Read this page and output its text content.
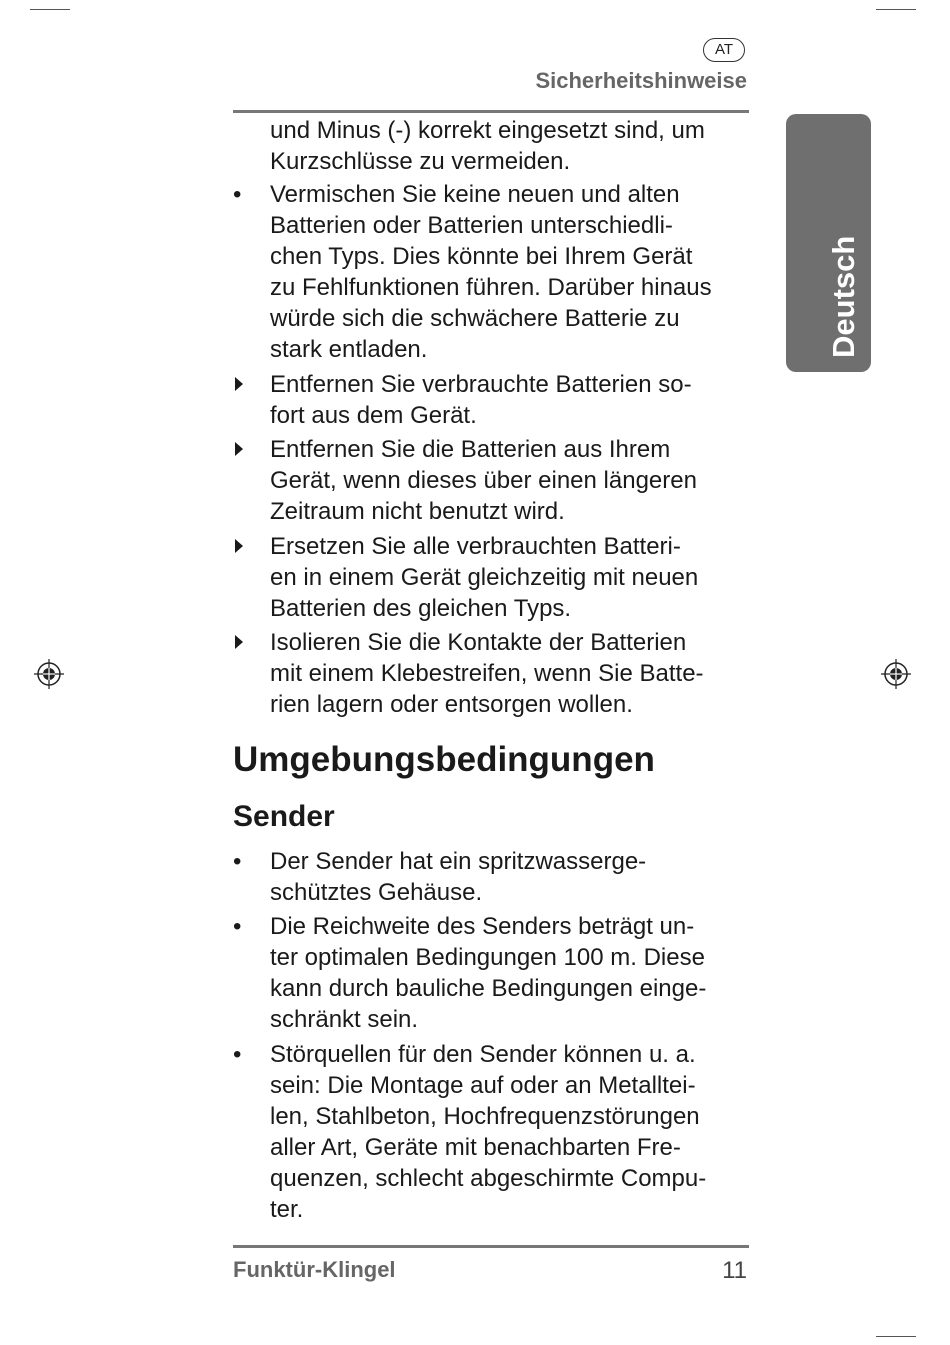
AT
Sicherheitshinweise
Deutsch
und Minus (-) korrekt eingesetzt sind, um
Kurzschlüsse zu vermeiden.
• Vermischen Sie keine neuen und alten
Batterien oder Batterien unterschiedli-
chen Typs. Dies könnte bei Ihrem Gerät
zu Fehlfunktionen führen. Darüber hinaus
würde sich die schwächere Batterie zu
stark entladen.
Entfernen Sie verbrauchte Batterien so-
fort aus dem Gerät.
Entfernen Sie die Batterien aus Ihrem
Gerät, wenn dieses über einen längeren
Zeitraum nicht benutzt wird.
Ersetzen Sie alle verbrauchten Batteri-
en in einem Gerät gleichzeitig mit neuen
Batterien des gleichen Typs.
Isolieren Sie die Kontakte der Batterien
mit einem Klebestreifen, wenn Sie Batte-
rien lagern oder entsorgen wollen.
Umgebungsbedingungen
Sender
• Der Sender hat ein spritzwasserge-
schütztes Gehäuse.
• Die Reichweite des Senders beträgt un-
ter optimalen Bedingungen 100 m. Diese
kann durch bauliche Bedingungen einge-
schränkt sein.
• Störquellen für den Sender können u. a.
sein: Die Montage auf oder an Metalltei-
len, Stahlbeton, Hochfrequenzstörungen
aller Art, Geräte mit benachbarten Fre-
quenzen, schlecht abgeschirmte Compu-
ter.
Funktür-Klingel	11
